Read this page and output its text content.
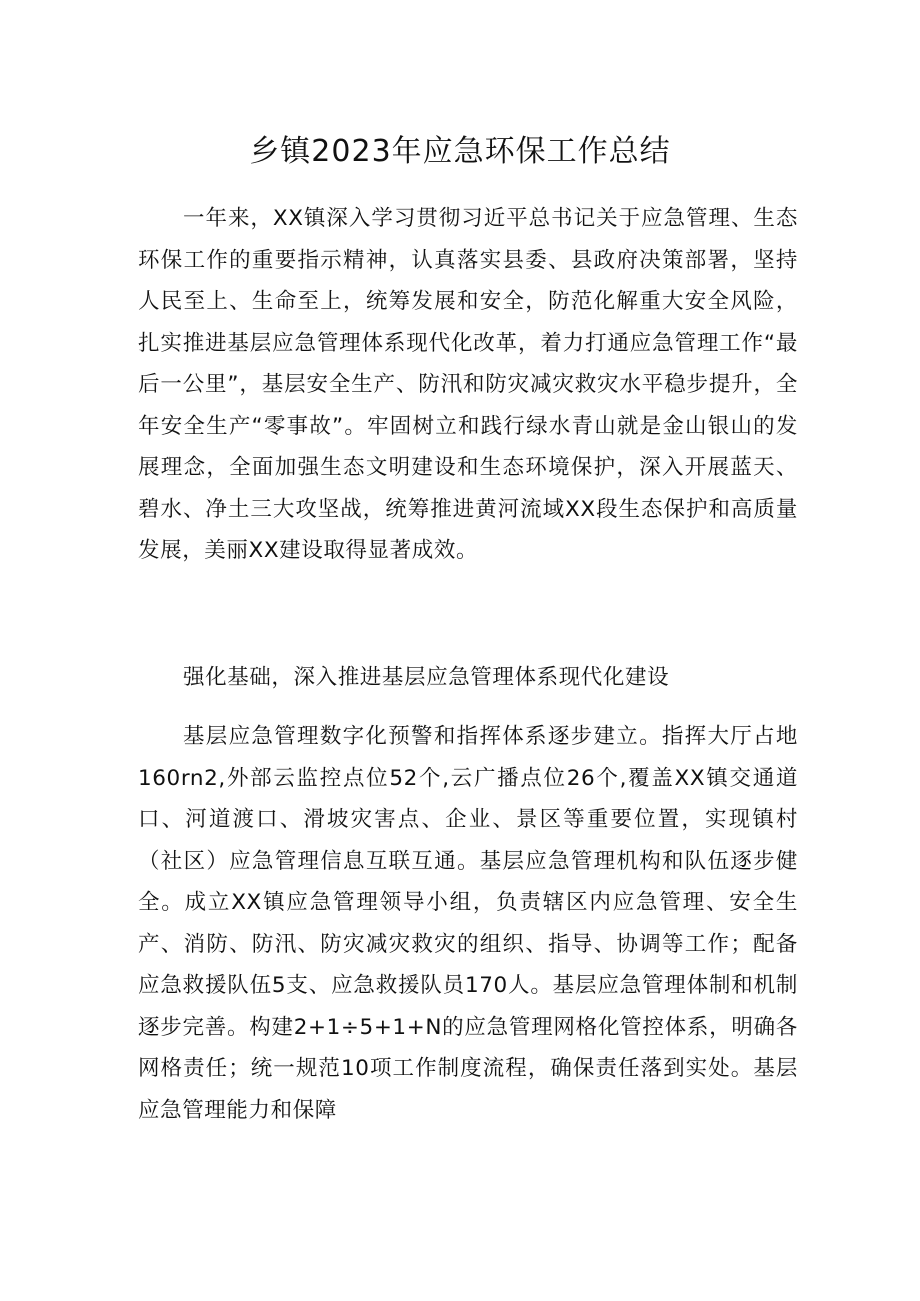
乡镇2023年应急环保工作总结

一年来，XX镇深入学习贯彻习近平总书记关于应急管理、生态环保工作的重要指示精神，认真落实县委、县政府决策部署，坚持人民至上、生命至上，统筹发展和安全，防范化解重大安全风险，扎实推进基层应急管理体系现代化改革，着力打通应急管理工作“最后一公里”，基层安全生产、防汛和防灾减灾救灾水平稳步提升，全年安全生产“零事故”。牢固树立和践行绿水青山就是金山银山的发展理念，全面加强生态文明建设和生态环境保护，深入开展蓝天、碧水、净土三大攻坚战，统筹推进黄河流域XX段生态保护和高质量发展，美丽XX建设取得显著成效。

强化基础，深入推进基层应急管理体系现代化建设

基层应急管理数字化预警和指挥体系逐步建立。指挥大厅占地160rn2,外部云监控点位52个,云广播点位26个,覆盖XX镇交通道口、河道渡口、滑坡灾害点、企业、景区等重要位置，实现镇村（社区）应急管理信息互联互通。基层应急管理机构和队伍逐步健全。成立XX镇应急管理领导小组，负责辖区内应急管理、安全生产、消防、防汛、防灾减灾救灾的组织、指导、协调等工作；配备应急救援队伍5支、应急救援队员170人。基层应急管理体制和机制逐步完善。构建2+1÷5+1+N的应急管理网格化管控体系，明确各网格责任；统一规范10项工作制度流程，确保责任落到实处。基层应急管理能力和保障
